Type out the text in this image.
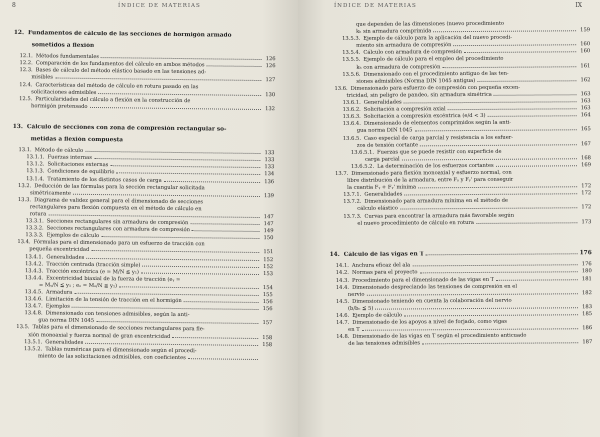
8	ÍNDICE DE MATERIAS
12. Fundamentos de cálculo de las secciones de hormigón armado
sometidos a flexión
12.1. Métodos fundamentales	126
12.2. Comparación de los fundamentos del cálculo en ambos métodos	126
12.3. Bases de cálculo del método elástico basado en las tensiones ad-
misibles	127
12.4. Características del método de cálculo en rotura pasado en las
solicitaciones admisibles	130
12.5. Particularidades del cálculo a flexión en la construcción de
hormigón pretensado	132
13. Cálculo de secciones con zona de compresión rectangular so-
metidas a flexión compuesta
13.1. Método de cálculo	133
13.1.1. Fuerzas internas	133
13.1.2. Solicitaciones externas	133
13.1.3. Condiciones de equilibrio	134
13.1.4. Tratamiento de los distintos casos de carga	136
13.2. Deducción de las fórmulas para la sección rectangular solicitada
simétricamente	139
13.3. Diagrama de validez general para el dimensionado de secciones
rectangulares para flexión compuesta en el método de cálculo en
rotura	147
13.3.1. Secciones rectangulares sin armadura de compresión	147
13.3.2. Secciones rectangulares con armadura de compresión	149
13.3.3. Ejemplos de cálculo	150
13.4. Fórmulas para el dimensionado para un esfuerzo de tracción con
pequeña excentricidad	151
13.4.1. Generalidades	152
13.4.2. Tracción centrada (tracción simple)	152
13.4.3. Tracción excéntrica (e = M/N ≦ y₁)	153
13.4.4. Excentricidad biaxial de la fuerza de tracción (eᵧ =
= Mᵧ/N ≦ y₁ ; eₒ = Mₒ/N ≦ y₁)	154
13.4.5. Armadura	155
13.4.6. Limitación de la tensión de tracción en el hormigón	156
13.4.7. Ejemplos	156
13.4.8. Dimensionado con tensiones admisibles, según la anti-
gua norma DIN 1045	157
13.5. Tablas para el dimensionado de secciones rectangulares para fle-
xión monoaxial y fuerza normal de gran excentricidad	158
13.5.1. Generalidades	158
13.5.2. Tablas numéricas para el dimensionado según el procedi-
miento de las solicitaciones admisibles, con coeficientes
ÍNDICE DE MATERIAS	IX
que dependen de las dimensiones (nuevo procedimiento
kₕ sin armadura comprimida	159
13.5.3. Ejemplo de cálculo para la aplicación del nuevo procedi-
miento sin armadura de compresión	160
13.5.4. Cálculo con armadura de compresión	160
13.5.5. Ejemplo de cálculo para el empleo del procedimiento
kₕ con armadura de compresión	161
13.5.6. Dimensionado con el procedimiento antiguo de las ten-
siones admisibles (Norma DIN 1045 antigua)	162
13.6. Dimensionado para esfuerzo de compresión con pequeña excen-
tricidad, sin peligro de pandeo, sin armadura simétrica	163
13.6.1. Generalidades	163
13.6.2. Solicitación a compresión axial	163
13.6.3. Solicitación a compresión excéntrica (e/d < 3)	164
13.6.4. Dimensionado de elementos comprimidos según la anti-
gua norma DIN 1045	165
13.6.5. Caso especial de carga parcial y resistencia a los esfuer-
zos de tensión cortante	167
13.6.5.1. Fuerzas que se puede resistir con superficie de
carga parcial	168
13.6.5.2. La determinación de los esfuerzos cortantes	169
13.7. Dimensionado para flexión monoaxial y esfuerzo normal, con
libre distribución de la armadura, entre Fᵧ y Fᵧ' para conseguir
la cuantía Fᵧ + Fᵧ' mínima	172
13.7.1. Generalidades	172
13.7.2. Dimensionado para armadura mínima en el método de
cálculo elástico	172
13.7.3. Curvas para encontrar la armadura más favorable según
el nuevo procedimiento de cálculo en rotura	173
14. Cálculo de las vigas en T	176
14.1. Anchura eficaz del ala	176
14.2. Normas para el proyecto	180
14.3. Procedimiento para el dimensionado de las vigas en T	181
14.4. Dimensionado despreciando las tensiones de compresión en el
nervio	182
14.5. Dimensionado teniendo en cuenta la colaboración del nervio
(b/bₒ ≦ 5)	183
14.6. Ejemplo de cálculo	185
14.7. Dimensionado de los apoyos a nivel de forjado, como vigas
en T	186
14.8. Dimensionado de las vigas en T según el procedimiento anticuado
de las tensiones admisibles	187
